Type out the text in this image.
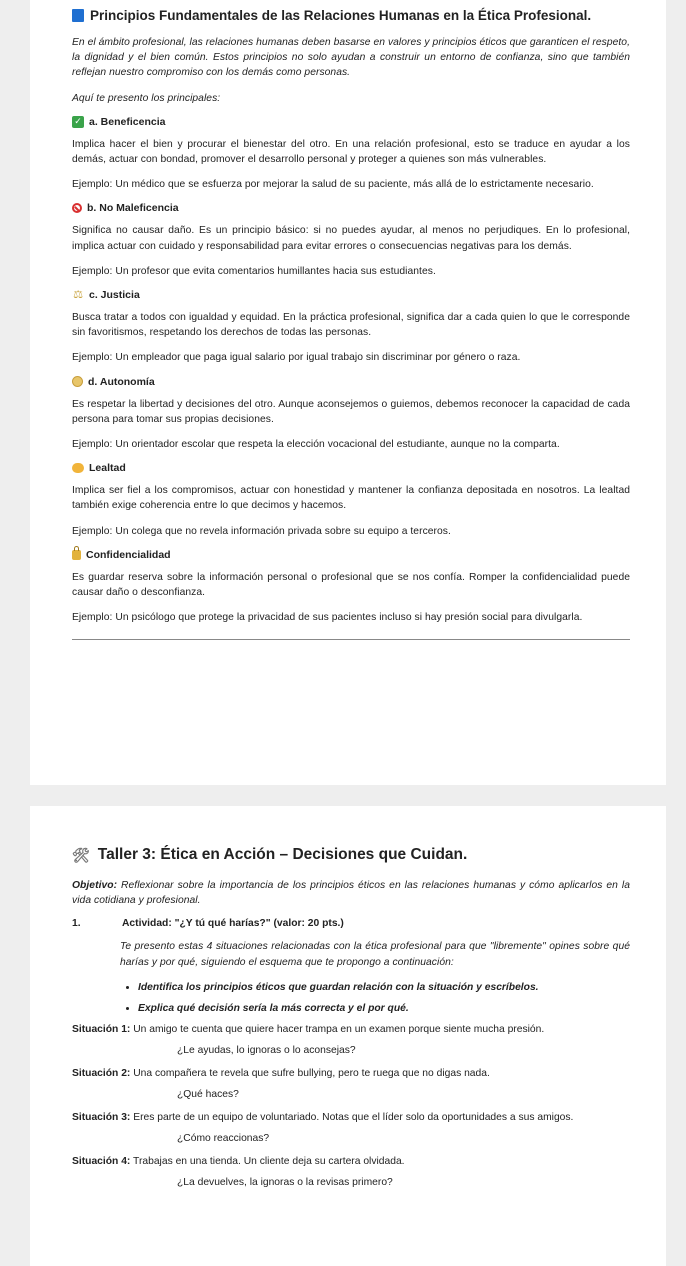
Principios Fundamentales de las Relaciones Humanas en la Ética Profesional.

En el ámbito profesional, las relaciones humanas deben basarse en valores y principios éticos que garanticen el respeto, la dignidad y el bien común. Estos principios no solo ayudan a construir un entorno de confianza, sino que también reflejan nuestro compromiso con los demás como personas.

Aquí te presento los principales:

✓ a. Beneficencia

Implica hacer el bien y procurar el bienestar del otro. En una relación profesional, esto se traduce en ayudar a los demás, actuar con bondad, promover el desarrollo personal y proteger a quienes son más vulnerables.

Ejemplo: Un médico que se esfuerza por mejorar la salud de su paciente, más allá de lo estrictamente necesario.

b. No Maleficencia

Significa no causar daño. Es un principio básico: si no puedes ayudar, al menos no perjudiques. En lo profesional, implica actuar con cuidado y responsabilidad para evitar errores o consecuencias negativas para los demás.

Ejemplo: Un profesor que evita comentarios humillantes hacia sus estudiantes.

⚖ c. Justicia

Busca tratar a todos con igualdad y equidad. En la práctica profesional, significa dar a cada quien lo que le corresponde sin favoritismos, respetando los derechos de todas las personas.

Ejemplo: Un empleador que paga igual salario por igual trabajo sin discriminar por género o raza.

d. Autonomía

Es respetar la libertad y decisiones del otro. Aunque aconsejemos o guiemos, debemos reconocer la capacidad de cada persona para tomar sus propias decisiones.

Ejemplo: Un orientador escolar que respeta la elección vocacional del estudiante, aunque no la comparta.

Lealtad

Implica ser fiel a los compromisos, actuar con honestidad y mantener la confianza depositada en nosotros. La lealtad también exige coherencia entre lo que decimos y hacemos.

Ejemplo: Un colega que no revela información privada sobre su equipo a terceros.

Confidencialidad

Es guardar reserva sobre la información personal o profesional que se nos confía. Romper la confidencialidad puede causar daño o desconfianza.

Ejemplo: Un psicólogo que protege la privacidad de sus pacientes incluso si hay presión social para divulgarla.

🛠 Taller 3: Ética en Acción – Decisiones que Cuidan.

Objetivo: Reflexionar sobre la importancia de los principios éticos en las relaciones humanas y cómo aplicarlos en la vida cotidiana y profesional.

1.	Actividad: "¿Y tú qué harías?" (valor: 20 pts.)

Te presento estas 4 situaciones relacionadas con la ética profesional para que "libremente" opines sobre qué harías y por qué, siguiendo el esquema que te propongo a continuación:

• Identifica los principios éticos que guardan relación con la situación y escríbelos.
• Explica qué decisión sería la más correcta y el por qué.

Situación 1: Un amigo te cuenta que quiere hacer trampa en un examen porque siente mucha presión.

¿Le ayudas, lo ignoras o lo aconsejas?

Situación 2: Una compañera te revela que sufre bullying, pero te ruega que no digas nada.

¿Qué haces?

Situación 3: Eres parte de un equipo de voluntariado. Notas que el líder solo da oportunidades a sus amigos.

¿Cómo reaccionas?

Situación 4: Trabajas en una tienda. Un cliente deja su cartera olvidada.

¿La devuelves, la ignoras o la revisas primero?
